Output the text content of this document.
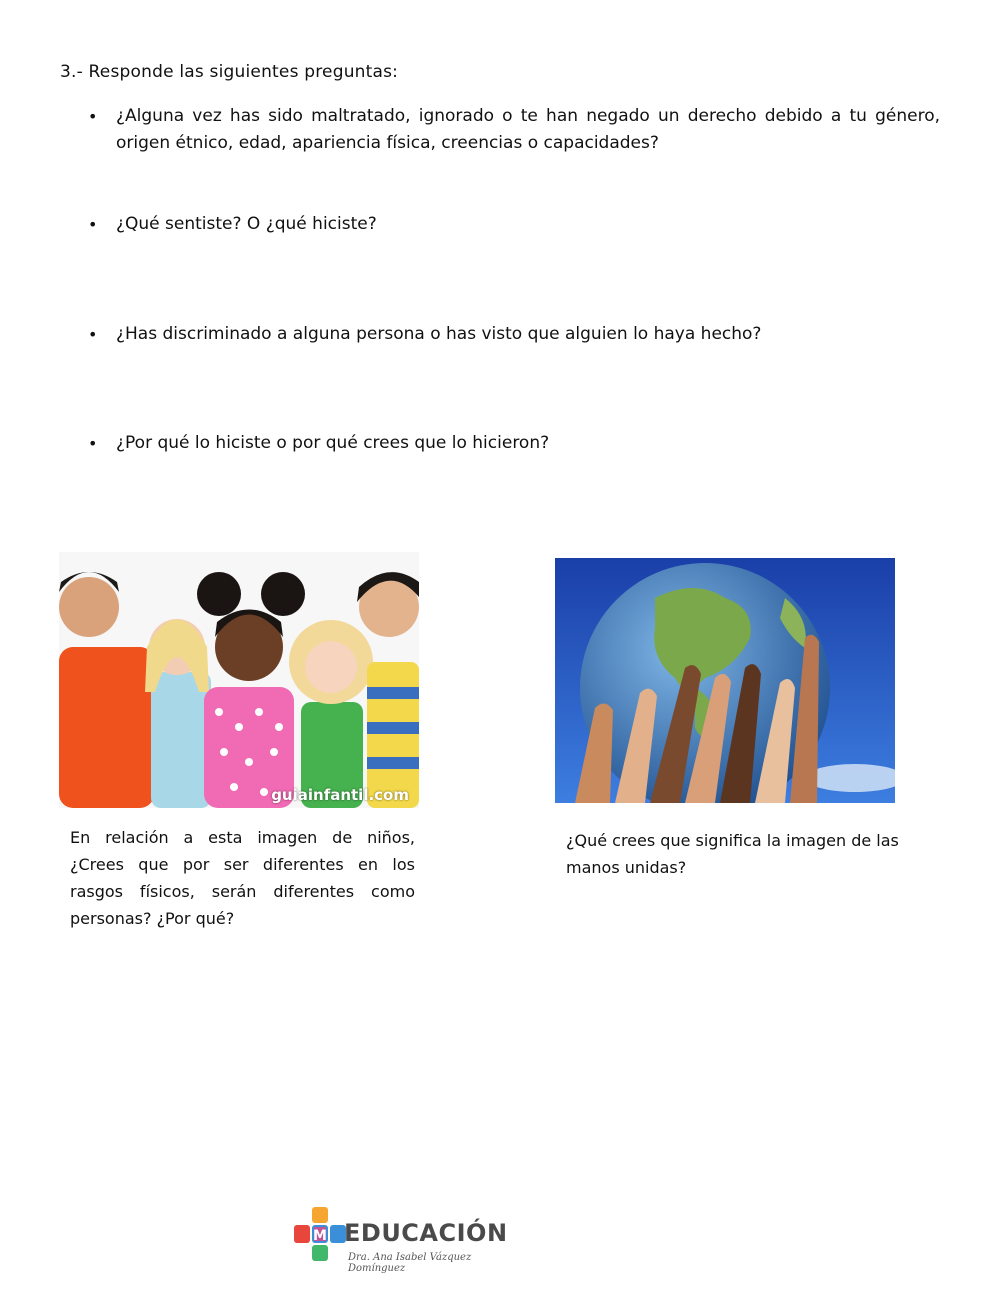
3.- Responde las siguientes preguntas:
•	¿Alguna vez has sido maltratado, ignorado o te han negado un derecho debido a tu género, origen étnico, edad, apariencia física, creencias o capacidades?
•	¿Qué sentiste? O ¿qué hiciste?
•	¿Has discriminado a alguna persona o has visto que alguien lo haya hecho?
•	¿Por qué lo hiciste o por qué crees que lo hicieron?
guiainfantil.com
En relación a esta imagen de niños, ¿Crees que por ser diferentes en los rasgos físicos, serán diferentes como personas? ¿Por qué?
¿Qué crees que significa la imagen de las manos unidas?
M EDUCACIÓN
Dra. Ana Isabel Vázquez Domínguez
